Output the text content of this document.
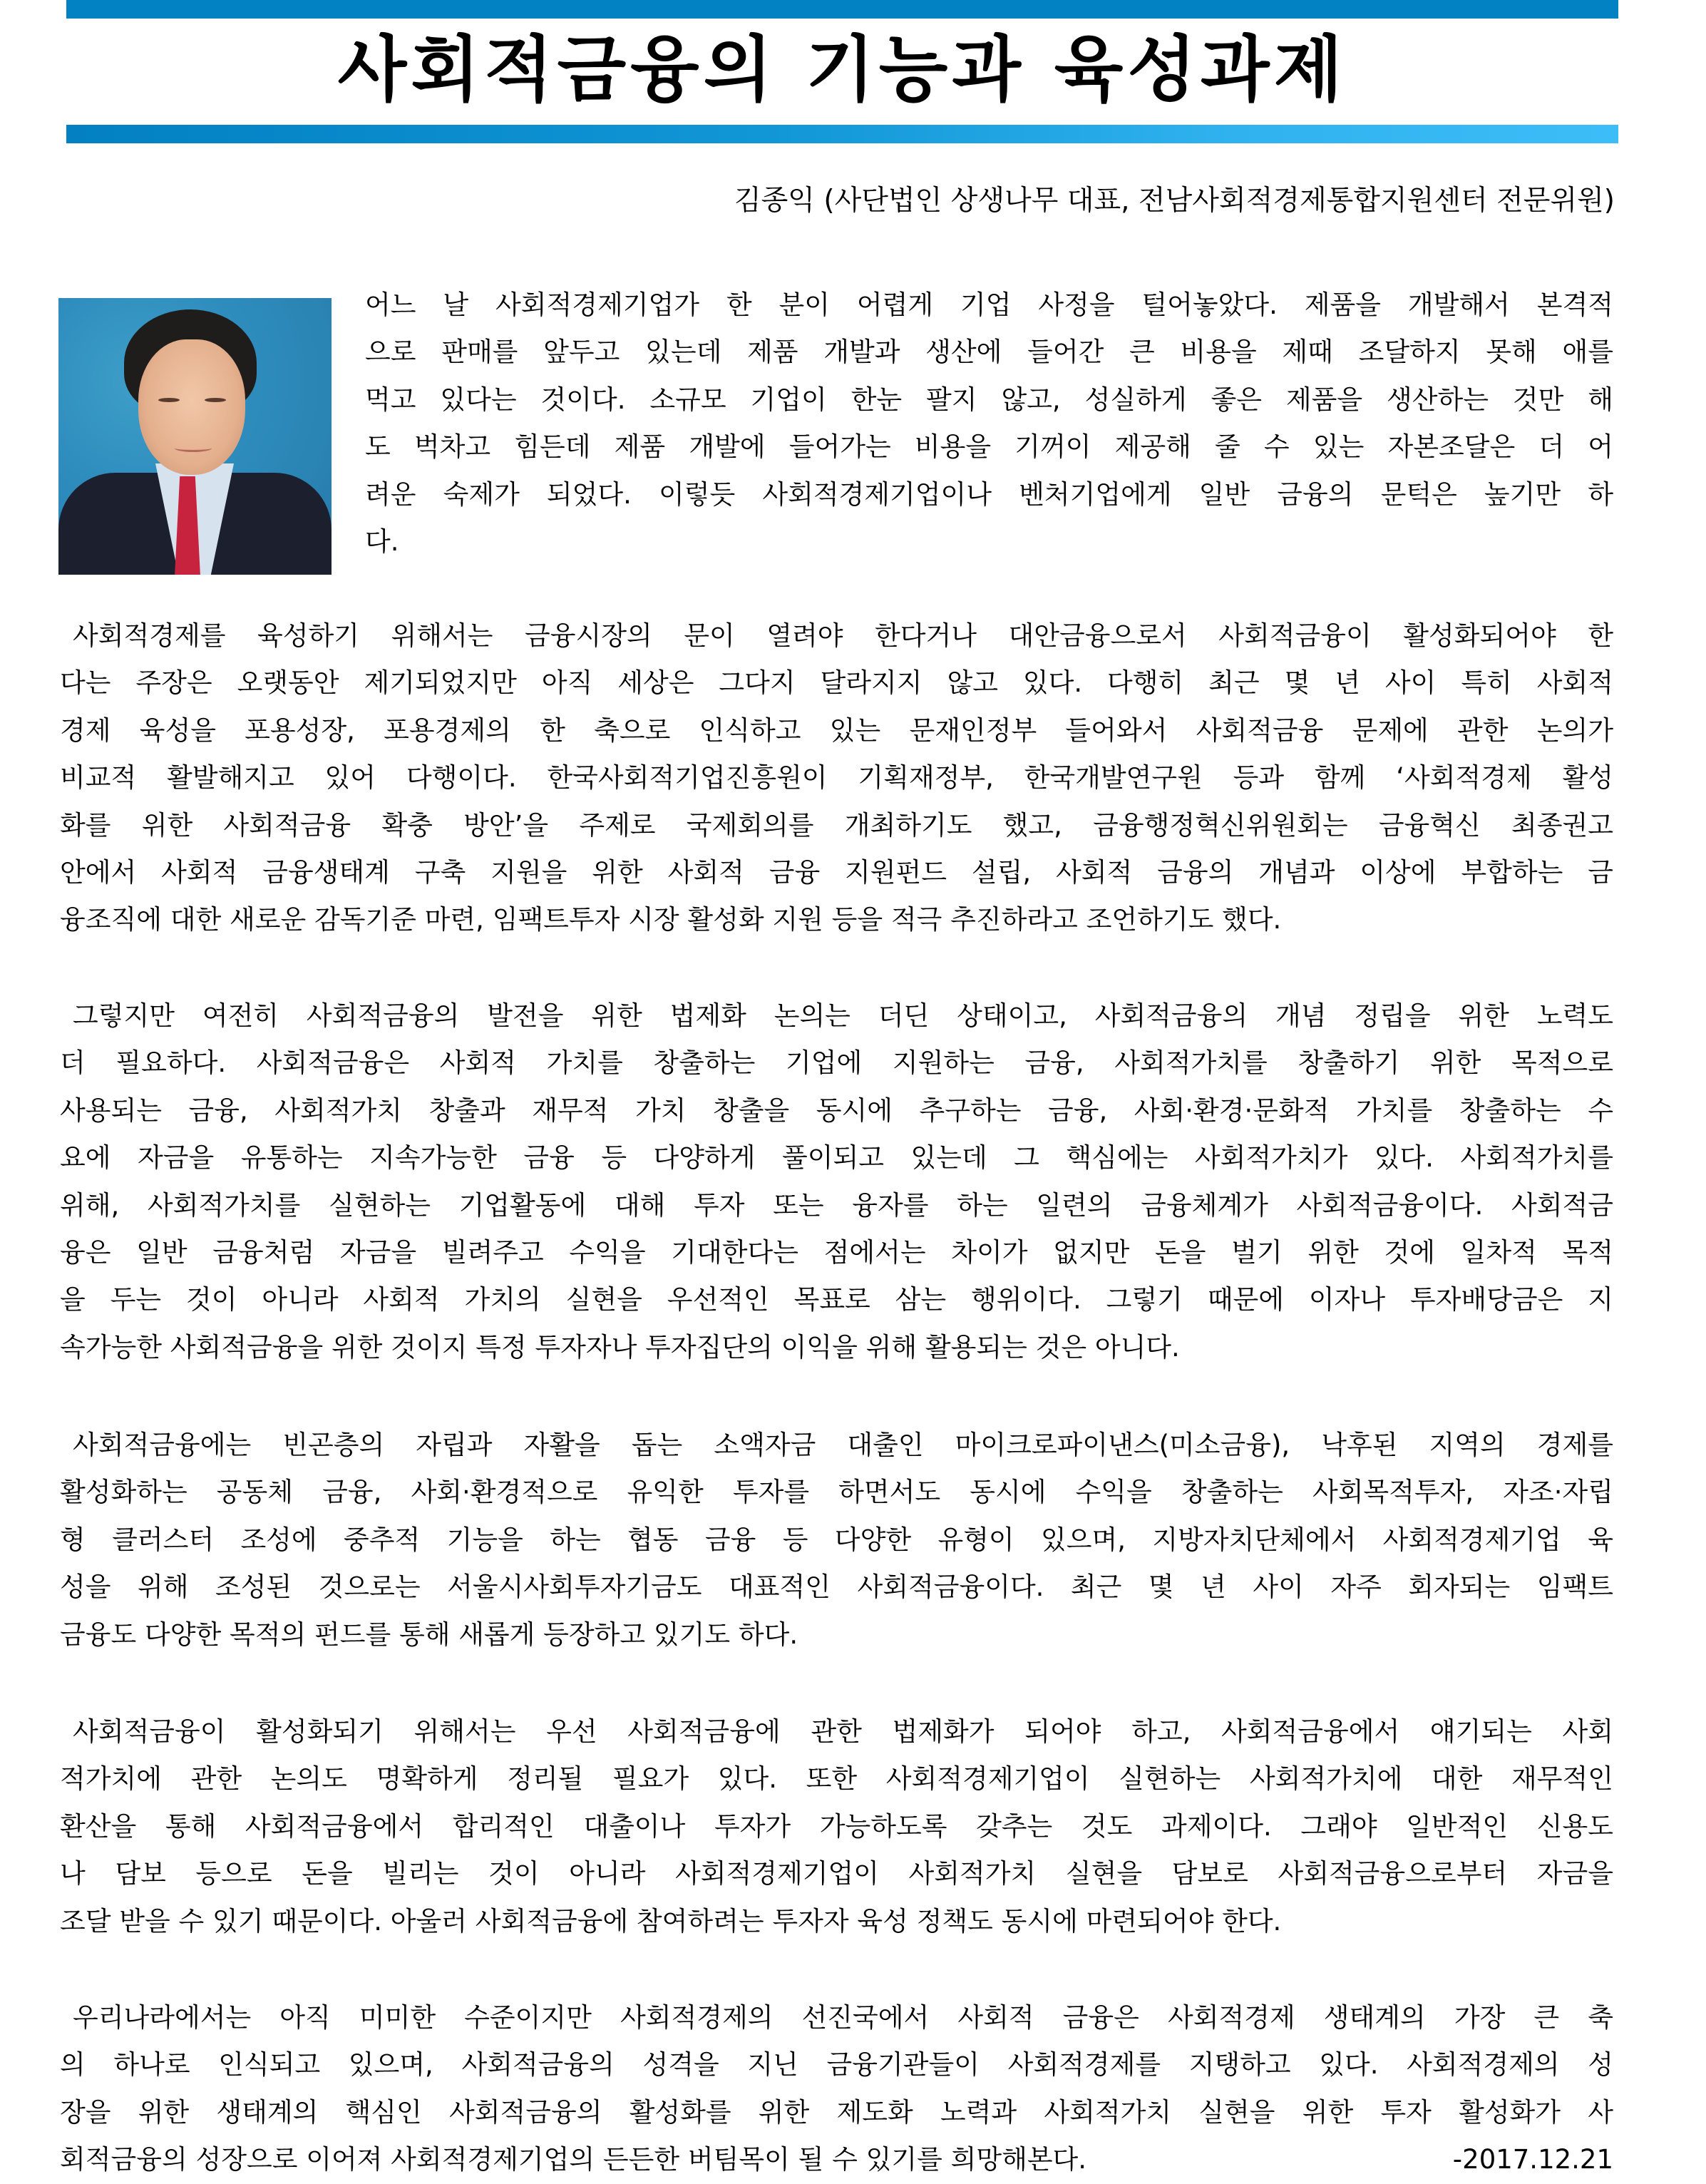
사회적금융의 기능과 육성과제
김종익 (사단법인 상생나무 대표, 전남사회적경제통합지원센터 전문위원)
어느 날 사회적경제기업가 한 분이 어렵게 기업 사정을 털어놓았다. 제품을 개발해서 본격적
으로 판매를 앞두고 있는데 제품 개발과 생산에 들어간 큰 비용을 제때 조달하지 못해 애를
먹고 있다는 것이다. 소규모 기업이 한눈 팔지 않고, 성실하게 좋은 제품을 생산하는 것만 해
도 벅차고 힘든데 제품 개발에 들어가는 비용을 기꺼이 제공해 줄 수 있는 자본조달은 더 어
려운 숙제가 되었다. 이렇듯 사회적경제기업이나 벤처기업에게 일반 금융의 문턱은 높기만 하
다.
사회적경제를 육성하기 위해서는 금융시장의 문이 열려야 한다거나 대안금융으로서 사회적금융이 활성화되어야 한
다는 주장은 오랫동안 제기되었지만 아직 세상은 그다지 달라지지 않고 있다. 다행히 최근 몇 년 사이 특히 사회적
경제 육성을 포용성장, 포용경제의 한 축으로 인식하고 있는 문재인정부 들어와서 사회적금융 문제에 관한 논의가
비교적 활발해지고 있어 다행이다. 한국사회적기업진흥원이 기획재정부, 한국개발연구원 등과 함께 ‘사회적경제 활성
화를 위한 사회적금융 확충 방안’을 주제로 국제회의를 개최하기도 했고, 금융행정혁신위원회는 금융혁신 최종권고
안에서 사회적 금융생태계 구축 지원을 위한 사회적 금융 지원펀드 설립, 사회적 금융의 개념과 이상에 부합하는 금
융조직에 대한 새로운 감독기준 마련, 임팩트투자 시장 활성화 지원 등을 적극 추진하라고 조언하기도 했다.
그렇지만 여전히 사회적금융의 발전을 위한 법제화 논의는 더딘 상태이고, 사회적금융의 개념 정립을 위한 노력도
더 필요하다. 사회적금융은 사회적 가치를 창출하는 기업에 지원하는 금융, 사회적가치를 창출하기 위한 목적으로
사용되는 금융, 사회적가치 창출과 재무적 가치 창출을 동시에 추구하는 금융, 사회·환경·문화적 가치를 창출하는 수
요에 자금을 유통하는 지속가능한 금융 등 다양하게 풀이되고 있는데 그 핵심에는 사회적가치가 있다. 사회적가치를
위해, 사회적가치를 실현하는 기업활동에 대해 투자 또는 융자를 하는 일련의 금융체계가 사회적금융이다. 사회적금
융은 일반 금융처럼 자금을 빌려주고 수익을 기대한다는 점에서는 차이가 없지만 돈을 벌기 위한 것에 일차적 목적
을 두는 것이 아니라 사회적 가치의 실현을 우선적인 목표로 삼는 행위이다. 그렇기 때문에 이자나 투자배당금은 지
속가능한 사회적금융을 위한 것이지 특정 투자자나 투자집단의 이익을 위해 활용되는 것은 아니다.
사회적금융에는 빈곤층의 자립과 자활을 돕는 소액자금 대출인 마이크로파이낸스(미소금융), 낙후된 지역의 경제를
활성화하는 공동체 금융, 사회·환경적으로 유익한 투자를 하면서도 동시에 수익을 창출하는 사회목적투자, 자조·자립
형 클러스터 조성에 중추적 기능을 하는 협동 금융 등 다양한 유형이 있으며, 지방자치단체에서 사회적경제기업 육
성을 위해 조성된 것으로는 서울시사회투자기금도 대표적인 사회적금융이다. 최근 몇 년 사이 자주 회자되는 임팩트
금융도 다양한 목적의 펀드를 통해 새롭게 등장하고 있기도 하다.
사회적금융이 활성화되기 위해서는 우선 사회적금융에 관한 법제화가 되어야 하고, 사회적금융에서 얘기되는 사회
적가치에 관한 논의도 명확하게 정리될 필요가 있다. 또한 사회적경제기업이 실현하는 사회적가치에 대한 재무적인
환산을 통해 사회적금융에서 합리적인 대출이나 투자가 가능하도록 갖추는 것도 과제이다. 그래야 일반적인 신용도
나 담보 등으로 돈을 빌리는 것이 아니라 사회적경제기업이 사회적가치 실현을 담보로 사회적금융으로부터 자금을
조달 받을 수 있기 때문이다. 아울러 사회적금융에 참여하려는 투자자 육성 정책도 동시에 마련되어야 한다.
우리나라에서는 아직 미미한 수준이지만 사회적경제의 선진국에서 사회적 금융은 사회적경제 생태계의 가장 큰 축
의 하나로 인식되고 있으며, 사회적금융의 성격을 지닌 금융기관들이 사회적경제를 지탱하고 있다. 사회적경제의 성
장을 위한 생태계의 핵심인 사회적금융의 활성화를 위한 제도화 노력과 사회적가치 실현을 위한 투자 활성화가 사
회적금융의 성장으로 이어져 사회적경제기업의 든든한 버팀목이 될 수 있기를 희망해본다.	-2017.12.21
